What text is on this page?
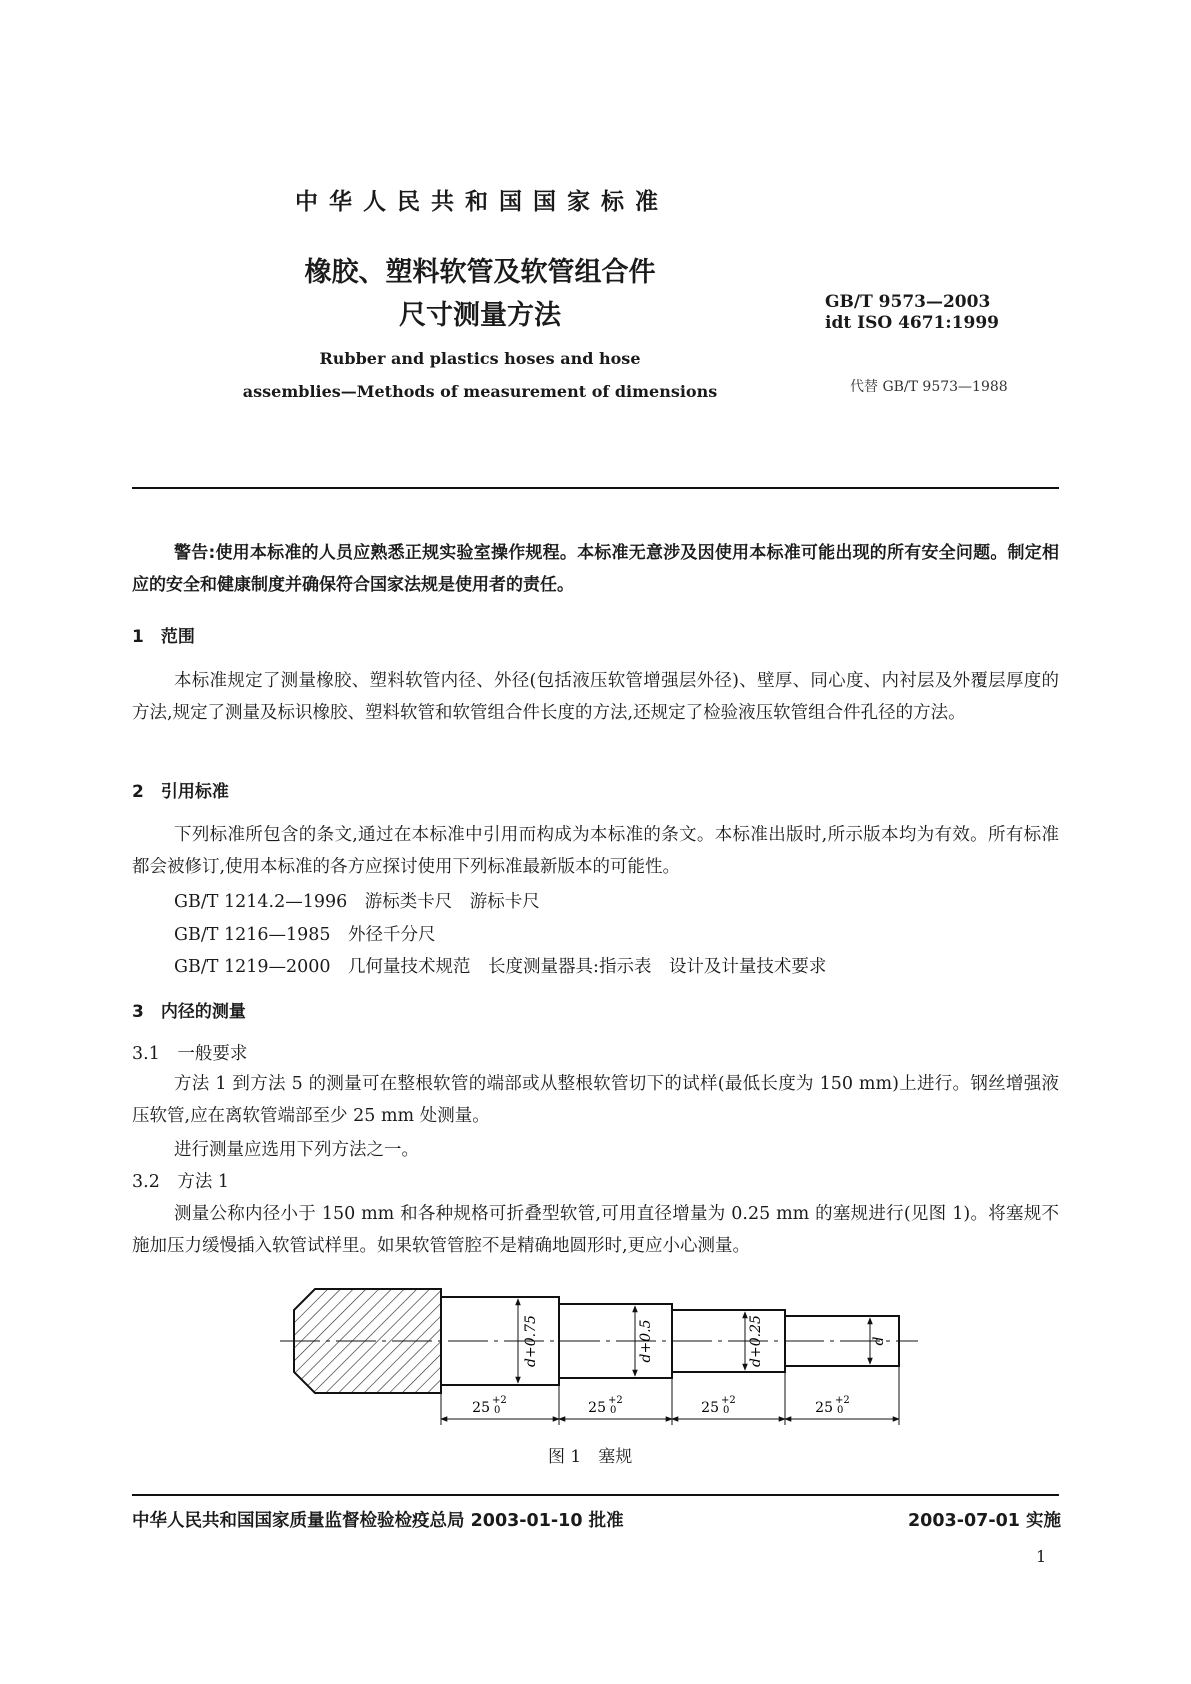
中华人民共和国国家标准
橡胶、塑料软管及软管组合件
尺寸测量方法	GB/T 9573—2003
idt ISO 4671:1999
Rubber and plastics hoses and hose
assemblies—Methods of measurement of dimensions	代替 GB/T 9573—1988
警告:使用本标准的人员应熟悉正规实验室操作规程。本标准无意涉及因使用本标准可能出现的所有安全问题。制定相应的安全和健康制度并确保符合国家法规是使用者的责任。
1　范围
本标准规定了测量橡胶、塑料软管内径、外径(包括液压软管增强层外径)、壁厚、同心度、内衬层及外覆层厚度的方法,规定了测量及标识橡胶、塑料软管和软管组合件长度的方法,还规定了检验液压软管组合件孔径的方法。
2　引用标准
下列标准所包含的条文,通过在本标准中引用而构成为本标准的条文。本标准出版时,所示版本均为有效。所有标准都会被修订,使用本标准的各方应探讨使用下列标准最新版本的可能性。
GB/T 1214.2—1996　游标类卡尺　游标卡尺
GB/T 1216—1985　外径千分尺
GB/T 1219—2000　几何量技术规范　长度测量器具:指示表　设计及计量技术要求
3　内径的测量
3.1　一般要求
方法 1 到方法 5 的测量可在整根软管的端部或从整根软管切下的试样(最低长度为 150 mm)上进行。钢丝增强液压软管,应在离软管端部至少 25 mm 处测量。
进行测量应选用下列方法之一。
3.2　方法 1
测量公称内径小于 150 mm 和各种规格可折叠型软管,可用直径增量为 0.25 mm 的塞规进行(见图 1)。将塞规不施加压力缓慢插入软管试样里。如果软管管腔不是精确地圆形时,更应小心测量。
d+0.75	d+0.5	d+0.25	d
25 +2
0	25 +2
0	25 +2
0	25 +2
0
图 1　塞规
中华人民共和国国家质量监督检验检疫总局 2003-01-10 批准	2003-07-01 实施
1
